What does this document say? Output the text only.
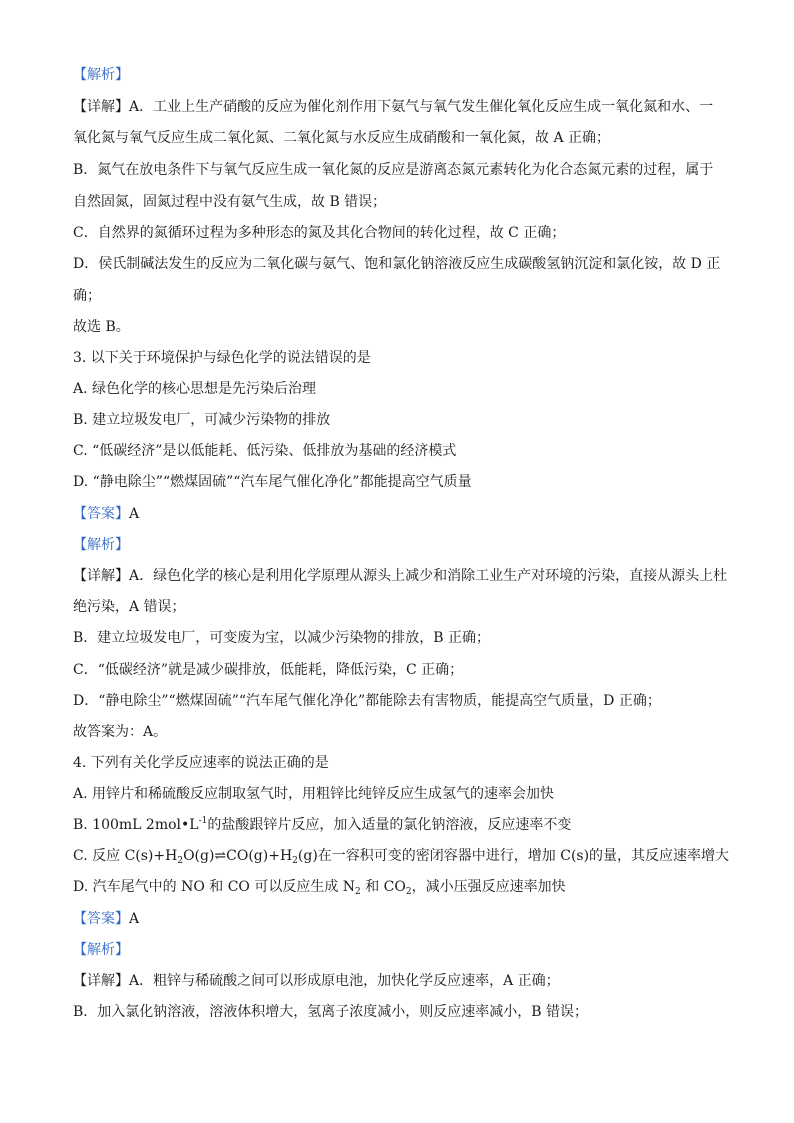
【解析】
【详解】A．工业上生产硝酸的反应为催化剂作用下氨气与氧气发生催化氧化反应生成一氧化氮和水、一
氧化氮与氧气反应生成二氧化氮、二氧化氮与水反应生成硝酸和一氧化氮，故 A 正确；
B．氮气在放电条件下与氧气反应生成一氧化氮的反应是游离态氮元素转化为化合态氮元素的过程，属于
自然固氮，固氮过程中没有氨气生成，故 B 错误；
C．自然界的氮循环过程为多种形态的氮及其化合物间的转化过程，故 C 正确；
D．侯氏制碱法发生的反应为二氧化碳与氨气、饱和氯化钠溶液反应生成碳酸氢钠沉淀和氯化铵，故 D 正
确；
故选 B。
3. 以下关于环境保护与绿色化学的说法错误的是
A. 绿色化学的核心思想是先污染后治理
B. 建立垃圾发电厂，可减少污染物的排放
C. “低碳经济”是以低能耗、低污染、低排放为基础的经济模式
D. “静电除尘”“燃煤固硫”“汽车尾气催化净化”都能提高空气质量
【答案】A
【解析】
【详解】A．绿色化学的核心是利用化学原理从源头上减少和消除工业生产对环境的污染，直接从源头上杜
绝污染，A 错误；
B．建立垃圾发电厂，可变废为宝，以减少污染物的排放，B 正确；
C．“低碳经济”就是减少碳排放，低能耗，降低污染，C 正确；
D．“静电除尘”“燃煤固硫”“汽车尾气催化净化”都能除去有害物质，能提高空气质量，D 正确；
故答案为：A。
4. 下列有关化学反应速率的说法正确的是
A. 用锌片和稀硫酸反应制取氢气时，用粗锌比纯锌反应生成氢气的速率会加快
B. 100mL $2mol•L^{-1}$的盐酸跟锌片反应，加入适量的氯化钠溶液，反应速率不变
C. 反应 $C(s)+H_2O(g)\rightleftharpoons CO(g)+H_2(g)$在一容积可变的密闭容器中进行，增加 C(s)的量，其反应速率增大
D. 汽车尾气中的 NO 和 CO 可以反应生成 $N_2$ 和 $CO_2$，减小压强反应速率加快
【答案】A
【解析】
【详解】A．粗锌与稀硫酸之间可以形成原电池，加快化学反应速率，A 正确；
B．加入氯化钠溶液，溶液体积增大，氢离子浓度减小，则反应速率减小，B 错误；
